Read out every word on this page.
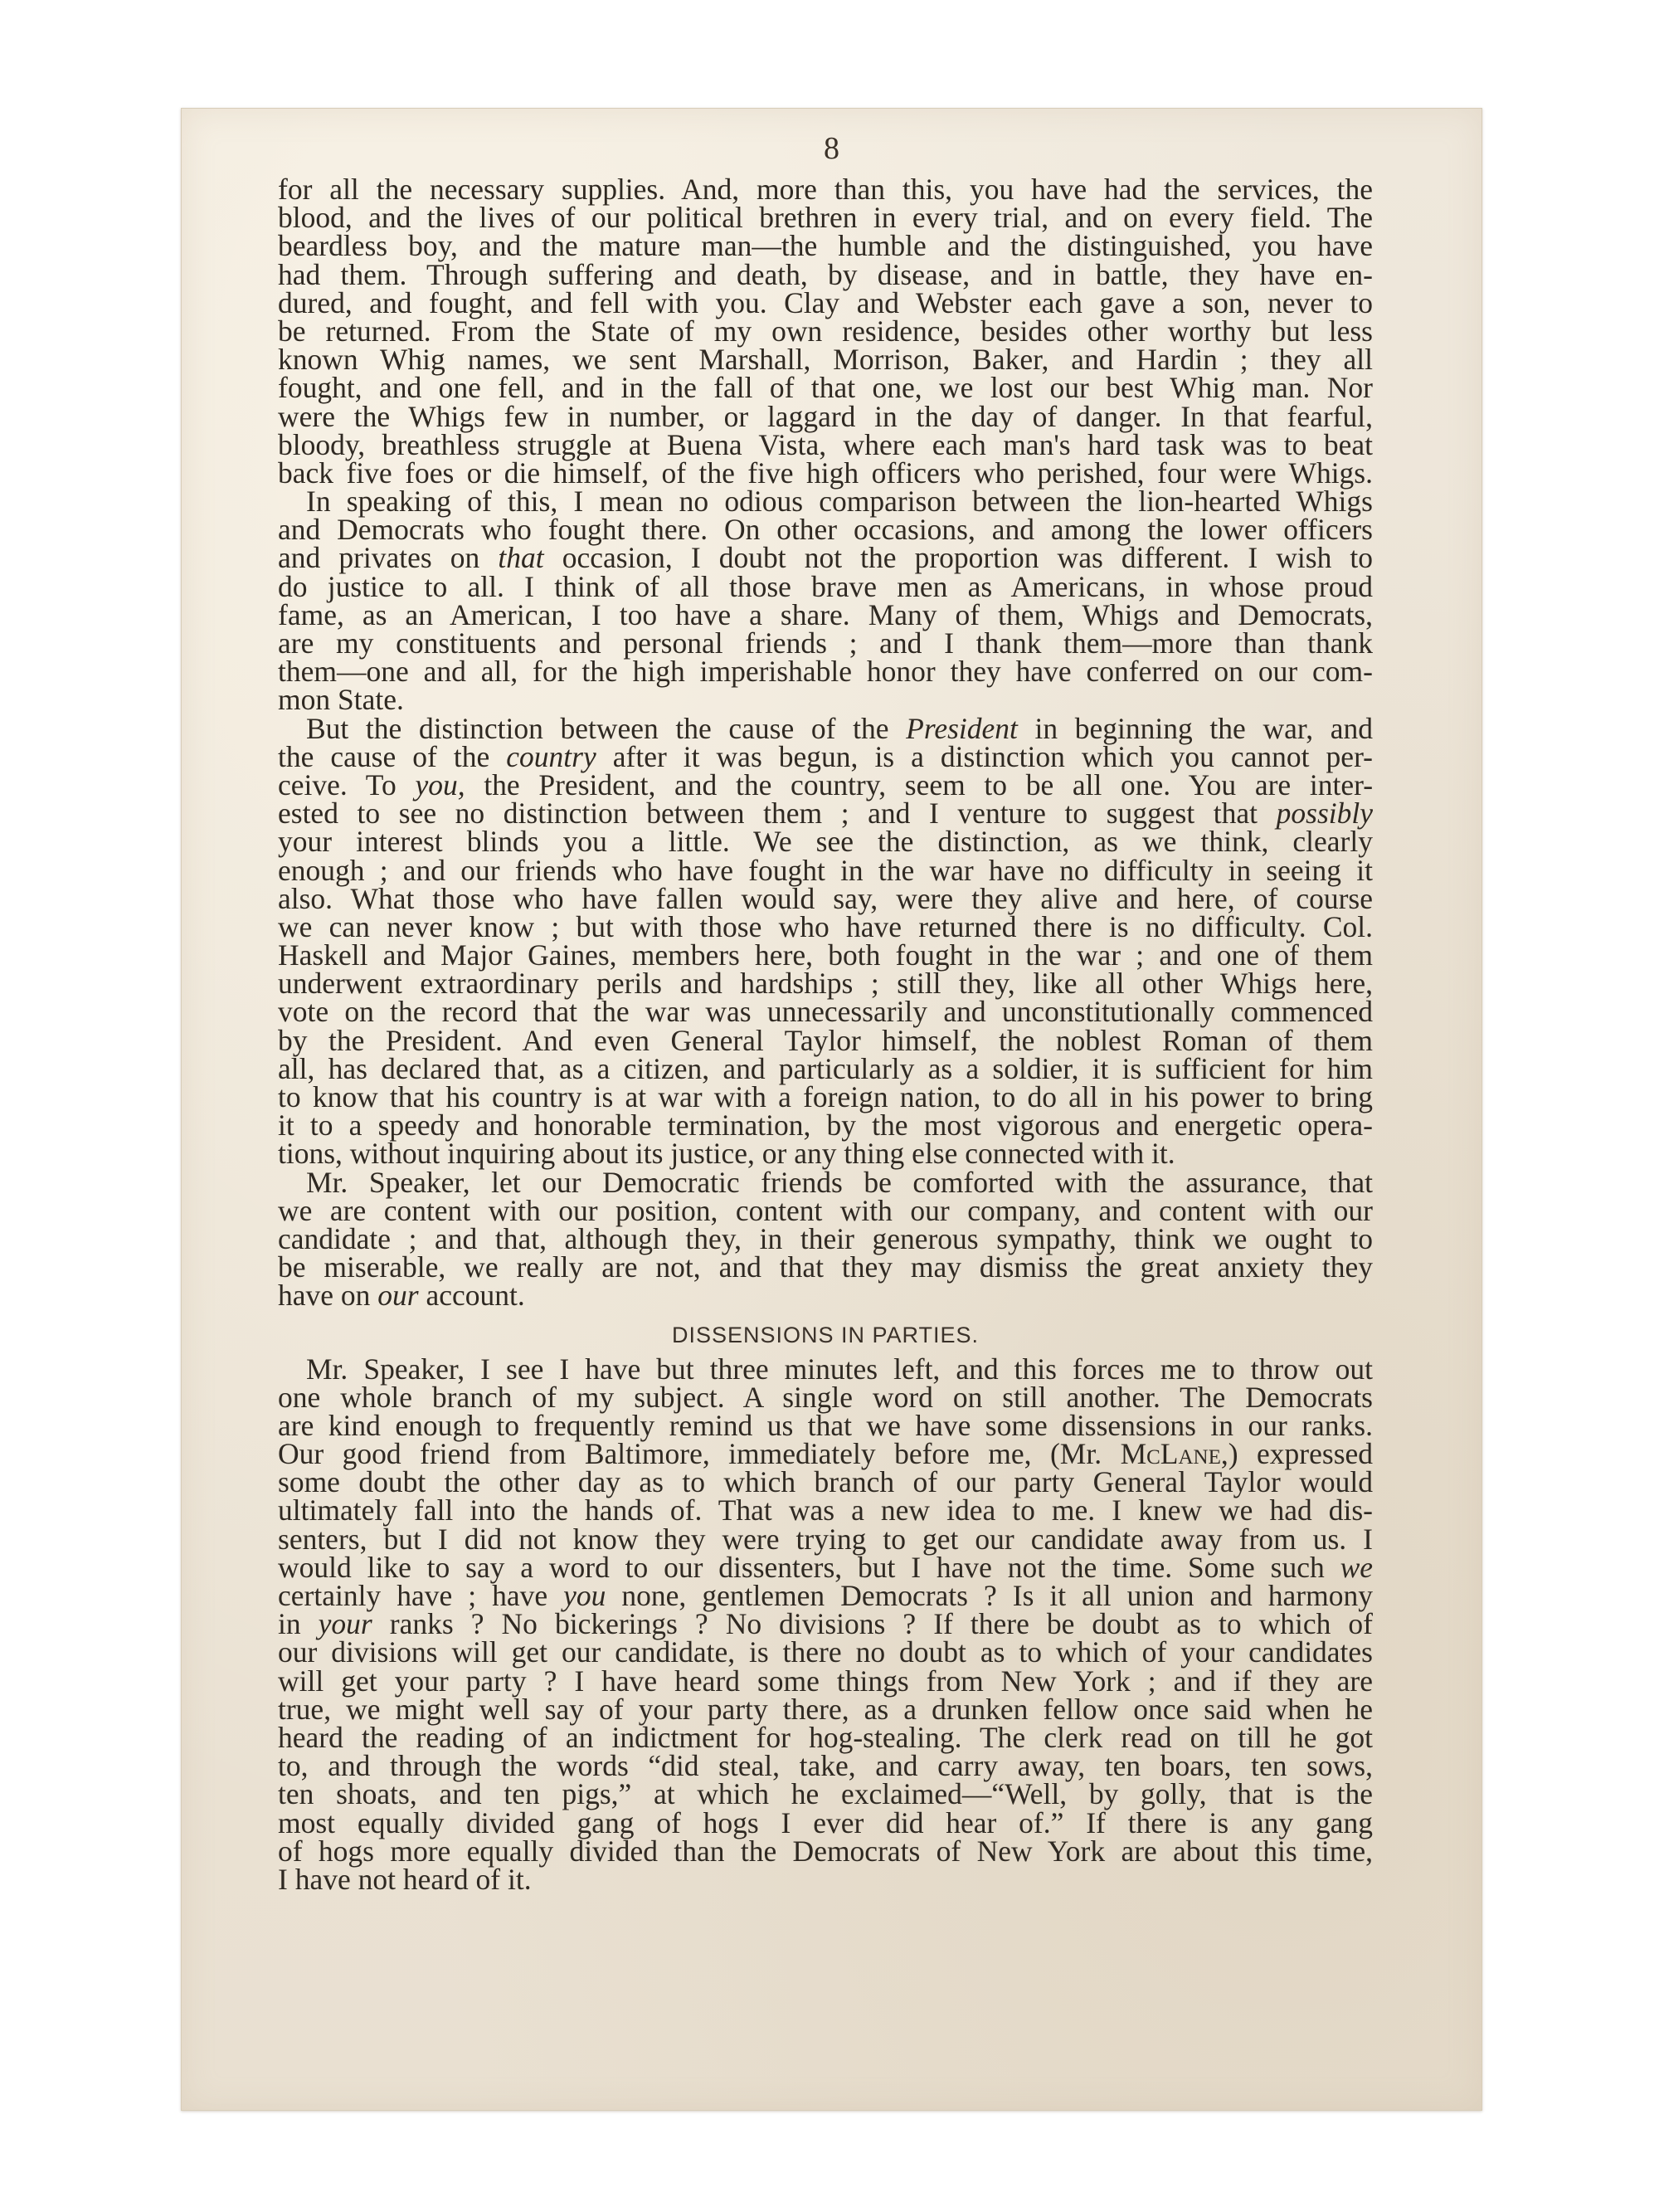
8
for all the necessary supplies. And, more than this, you have had the services, the
blood, and the lives of our political brethren in every trial, and on every field. The
beardless boy, and the mature man—the humble and the distinguished, you have
had them. Through suffering and death, by disease, and in battle, they have en-
dured, and fought, and fell with you. Clay and Webster each gave a son, never to
be returned. From the State of my own residence, besides other worthy but less
known Whig names, we sent Marshall, Morrison, Baker, and Hardin ; they all
fought, and one fell, and in the fall of that one, we lost our best Whig man. Nor
were the Whigs few in number, or laggard in the day of danger. In that fearful,
bloody, breathless struggle at Buena Vista, where each man's hard task was to beat
back five foes or die himself, of the five high officers who perished, four were Whigs.
In speaking of this, I mean no odious comparison between the lion-hearted Whigs
and Democrats who fought there. On other occasions, and among the lower officers
and privates on that occasion, I doubt not the proportion was different. I wish to
do justice to all. I think of all those brave men as Americans, in whose proud
fame, as an American, I too have a share. Many of them, Whigs and Democrats,
are my constituents and personal friends ; and I thank them—more than thank
them—one and all, for the high imperishable honor they have conferred on our com-
mon State.
But the distinction between the cause of the President in beginning the war, and
the cause of the country after it was begun, is a distinction which you cannot per-
ceive. To you, the President, and the country, seem to be all one. You are inter-
ested to see no distinction between them ; and I venture to suggest that possibly
your interest blinds you a little. We see the distinction, as we think, clearly
enough ; and our friends who have fought in the war have no difficulty in seeing it
also. What those who have fallen would say, were they alive and here, of course
we can never know ; but with those who have returned there is no difficulty. Col.
Haskell and Major Gaines, members here, both fought in the war ; and one of them
underwent extraordinary perils and hardships ; still they, like all other Whigs here,
vote on the record that the war was unnecessarily and unconstitutionally commenced
by the President. And even General Taylor himself, the noblest Roman of them
all, has declared that, as a citizen, and particularly as a soldier, it is sufficient for him
to know that his country is at war with a foreign nation, to do all in his power to bring
it to a speedy and honorable termination, by the most vigorous and energetic opera-
tions, without inquiring about its justice, or any thing else connected with it.
Mr. Speaker, let our Democratic friends be comforted with the assurance, that
we are content with our position, content with our company, and content with our
candidate ; and that, although they, in their generous sympathy, think we ought to
be miserable, we really are not, and that they may dismiss the great anxiety they
have on our account.
DISSENSIONS IN PARTIES.
Mr. Speaker, I see I have but three minutes left, and this forces me to throw out
one whole branch of my subject. A single word on still another. The Democrats
are kind enough to frequently remind us that we have some dissensions in our ranks.
Our good friend from Baltimore, immediately before me, (Mr. McLane,) expressed
some doubt the other day as to which branch of our party General Taylor would
ultimately fall into the hands of. That was a new idea to me. I knew we had dis-
senters, but I did not know they were trying to get our candidate away from us. I
would like to say a word to our dissenters, but I have not the time. Some such we
certainly have ; have you none, gentlemen Democrats ? Is it all union and harmony
in your ranks ? No bickerings ? No divisions ? If there be doubt as to which of
our divisions will get our candidate, is there no doubt as to which of your candidates
will get your party ? I have heard some things from New York ; and if they are
true, we might well say of your party there, as a drunken fellow once said when he
heard the reading of an indictment for hog-stealing. The clerk read on till he got
to, and through the words “did steal, take, and carry away, ten boars, ten sows,
ten shoats, and ten pigs,” at which he exclaimed—“Well, by golly, that is the
most equally divided gang of hogs I ever did hear of.” If there is any gang
of hogs more equally divided than the Democrats of New York are about this time,
I have not heard of it.
